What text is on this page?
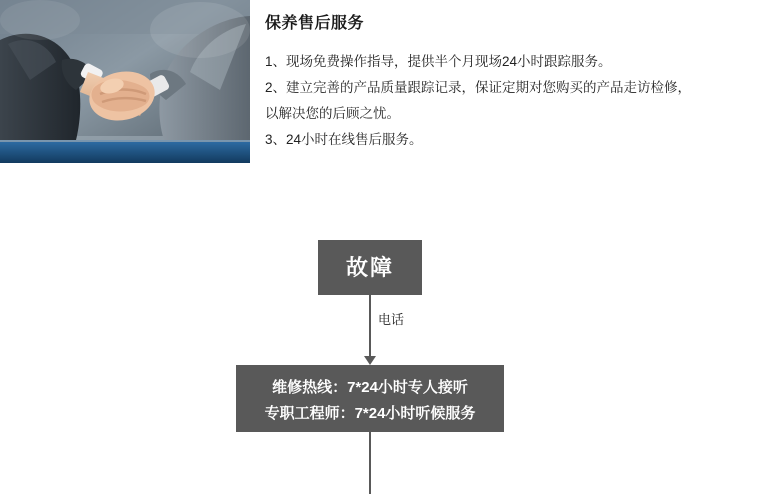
保养售后服务
1、现场免费操作指导，提供半个月现场24小时跟踪服务。
2、建立完善的产品质量跟踪记录，保证定期对您购买的产品走访检修，
以解决您的后顾之忧。
3、24小时在线售后服务。
故障
电话
维修热线：7*24小时专人接听
专职工程师：7*24小时听候服务
